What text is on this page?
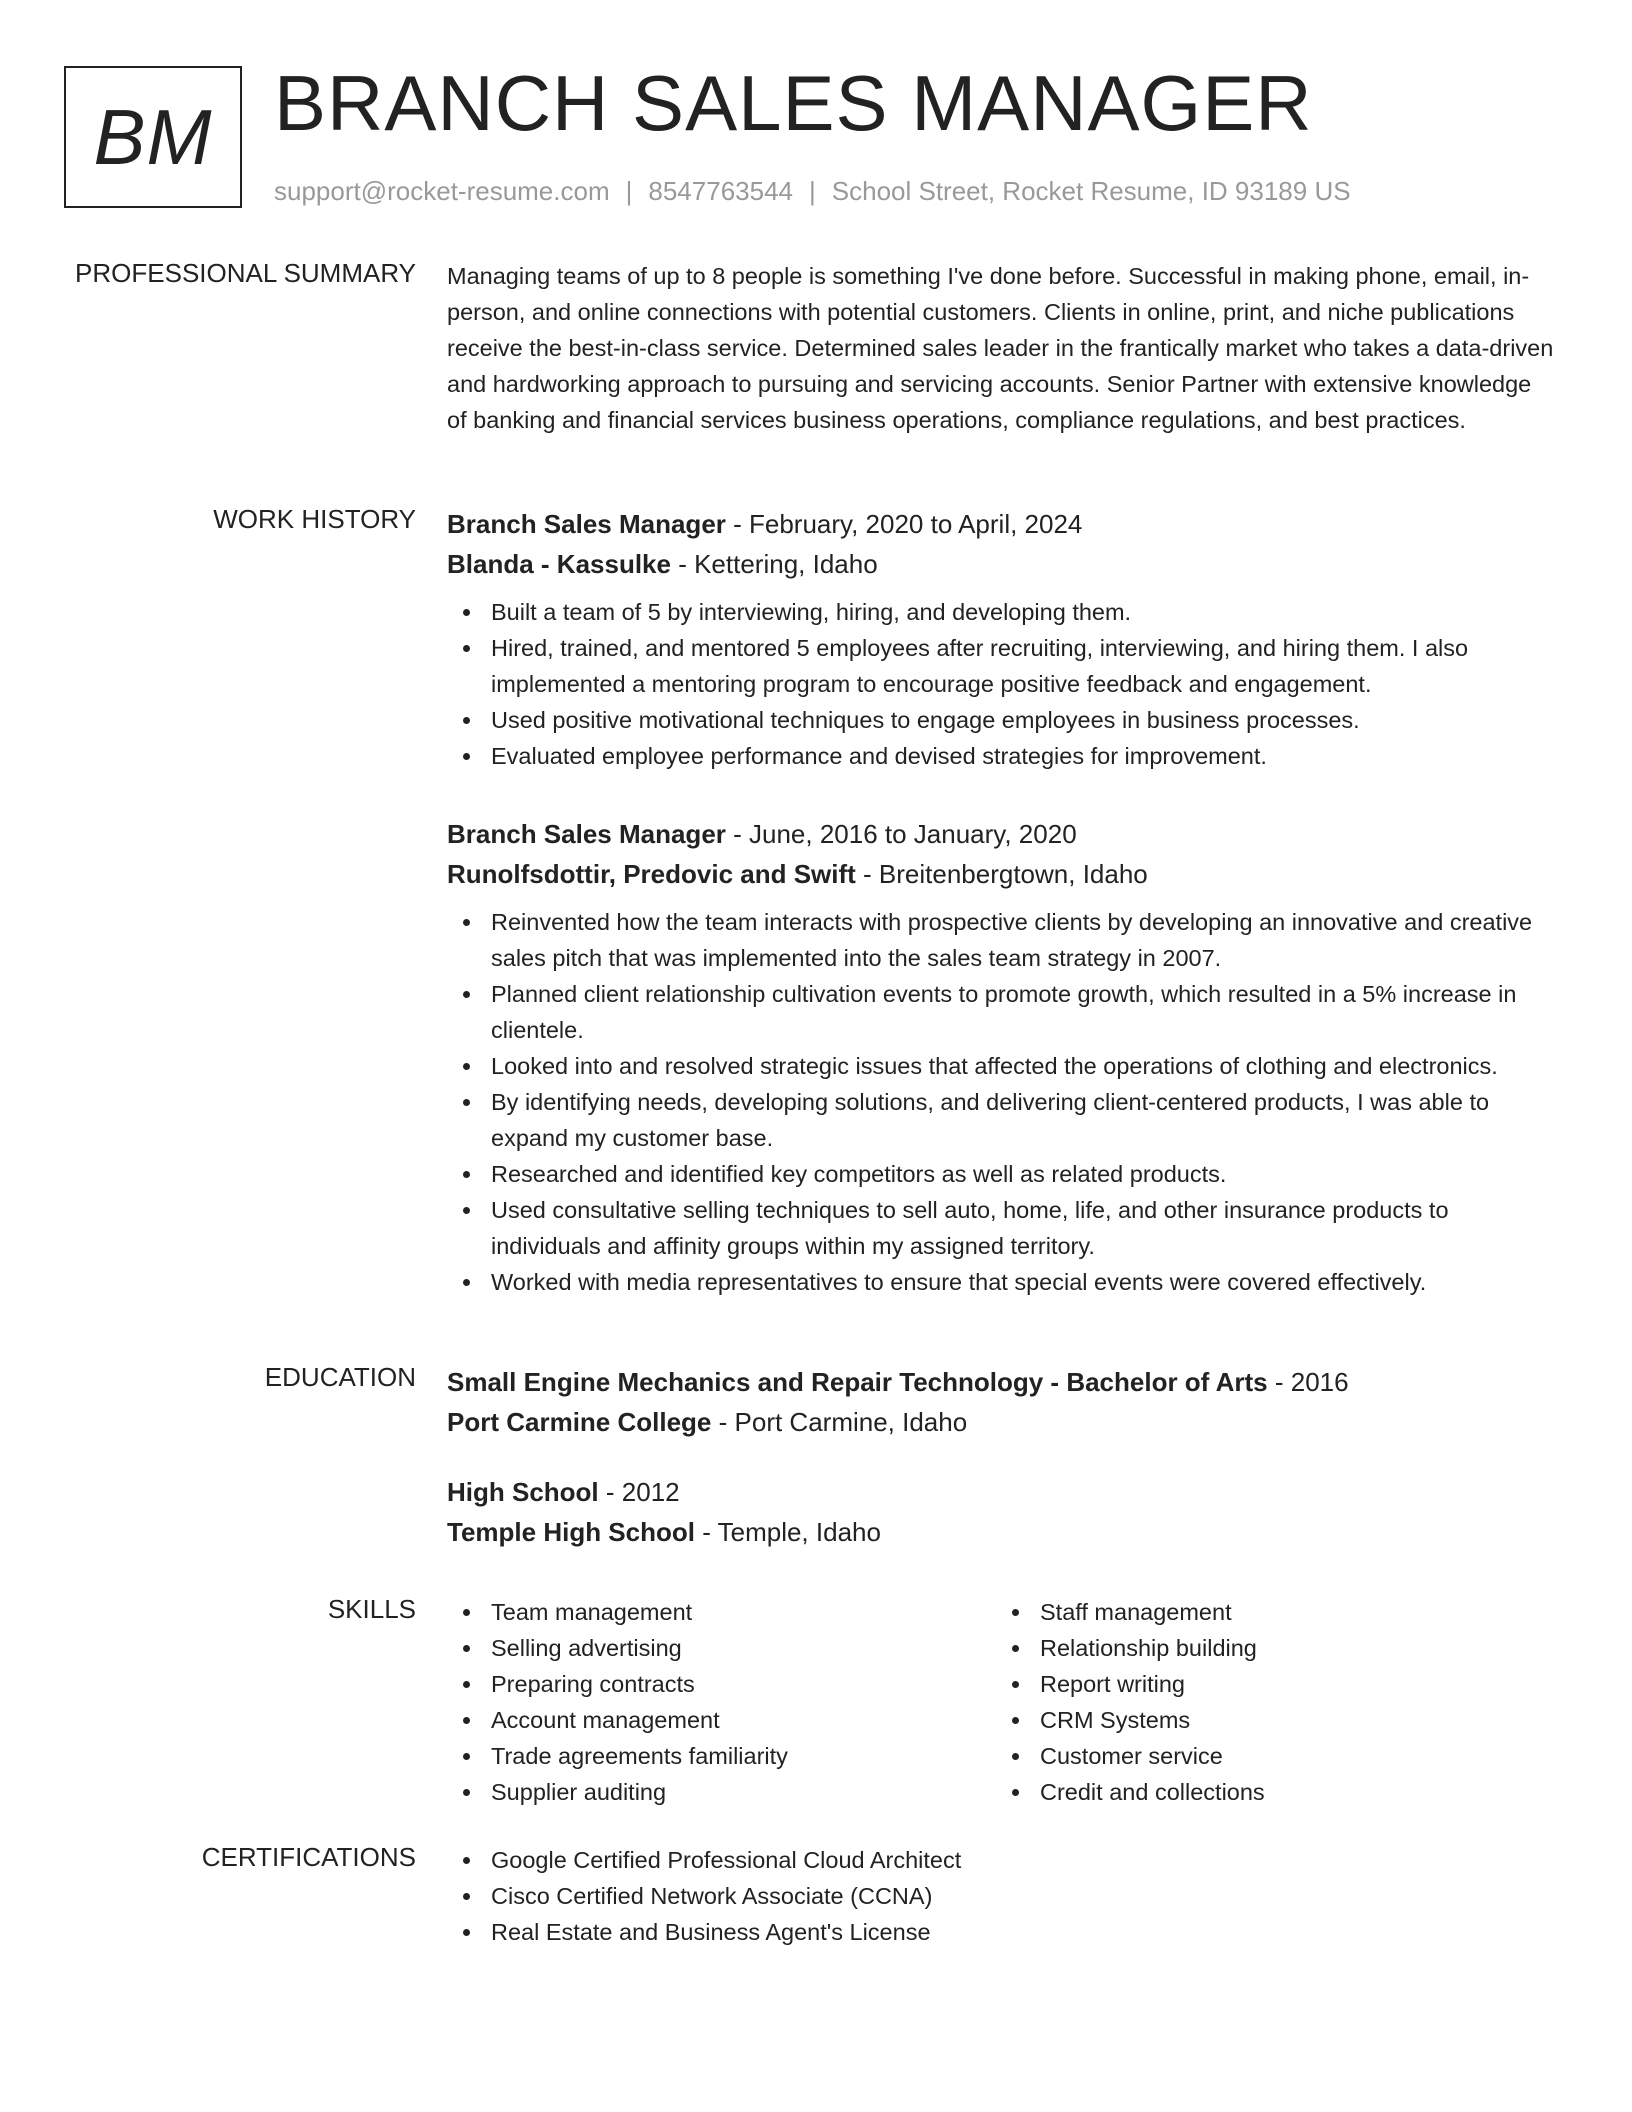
BM BRANCH SALES MANAGER
support@rocket-resume.com | 8547763544 | School Street, Rocket Resume, ID 93189 US
PROFESSIONAL SUMMARY Managing teams of up to 8 people is something I've done before. Successful in making phone, email, in-person, and online connections with potential customers. Clients in online, print, and niche publications receive the best-in-class service. Determined sales leader in the frantically market who takes a data-driven and hardworking approach to pursuing and servicing accounts. Senior Partner with extensive knowledge of banking and financial services business operations, compliance regulations, and best practices.

WORK HISTORY Branch Sales Manager - February, 2020 to April, 2024
Blanda - Kassulke - Kettering, Idaho
Built a team of 5 by interviewing, hiring, and developing them.
Hired, trained, and mentored 5 employees after recruiting, interviewing, and hiring them. I also implemented a mentoring program to encourage positive feedback and engagement.
Used positive motivational techniques to engage employees in business processes.
Evaluated employee performance and devised strategies for improvement.
Branch Sales Manager - June, 2016 to January, 2020
Runolfsdottir, Predovic and Swift - Breitenbergtown, Idaho
Reinvented how the team interacts with prospective clients by developing an innovative and creative sales pitch that was implemented into the sales team strategy in 2007.
Planned client relationship cultivation events to promote growth, which resulted in a 5% increase in clientele.
Looked into and resolved strategic issues that affected the operations of clothing and electronics.
By identifying needs, developing solutions, and delivering client-centered products, I was able to expand my customer base.
Researched and identified key competitors as well as related products.
Used consultative selling techniques to sell auto, home, life, and other insurance products to individuals and affinity groups within my assigned territory.
Worked with media representatives to ensure that special events were covered effectively.
EDUCATION Small Engine Mechanics and Repair Technology - Bachelor of Arts - 2016
Port Carmine College - Port Carmine, Idaho
High School - 2012
Temple High School - Temple, Idaho
SKILLS	Team management
Selling advertising
Preparing contracts
Account management
Trade agreements familiarity
Supplier auditing
Staff management
Relationship building
Report writing
CRM Systems
Customer service
Credit and collections
CERTIFICATIONS	Google Certified Professional Cloud Architect
Cisco Certified Network Associate (CCNA)
Real Estate and Business Agent's License
